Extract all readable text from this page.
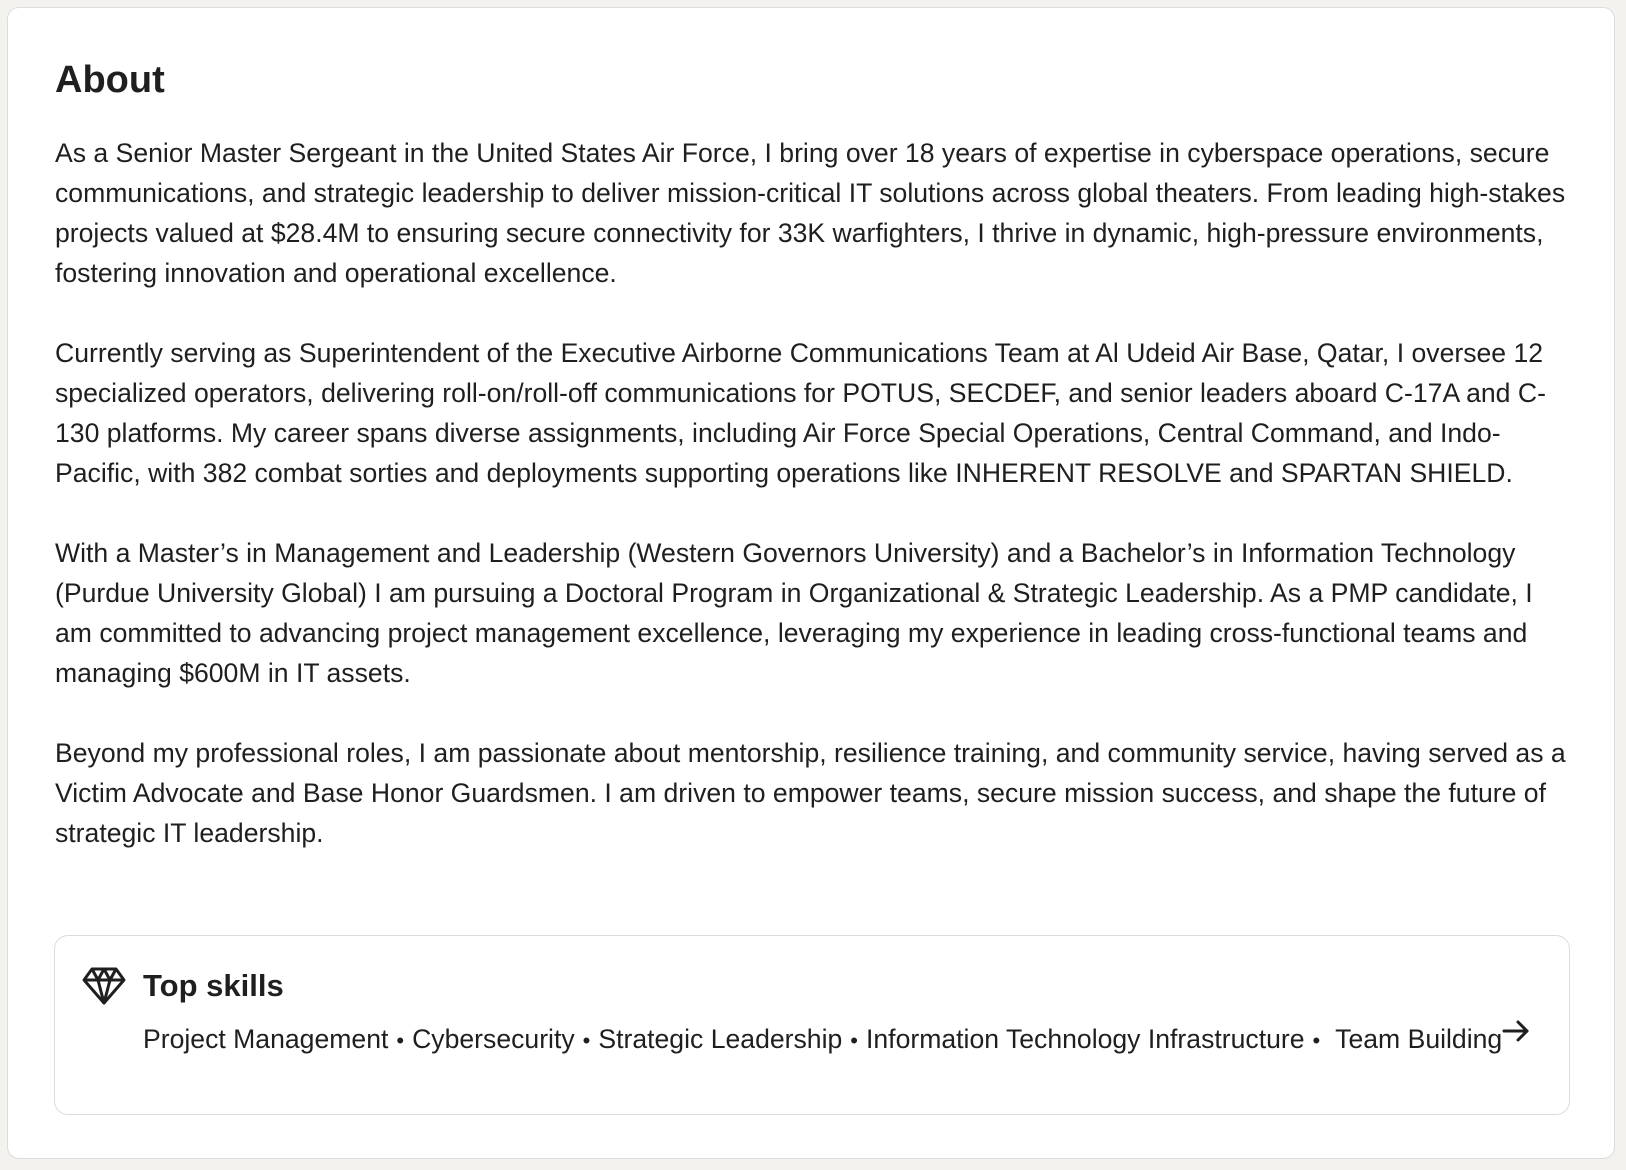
About

As a Senior Master Sergeant in the United States Air Force, I bring over 18 years of expertise in cyberspace operations, secure communications, and strategic leadership to deliver mission-critical IT solutions across global theaters. From leading high-stakes projects valued at $28.4M to ensuring secure connectivity for 33K warfighters, I thrive in dynamic, high-pressure environments, fostering innovation and operational excellence.

Currently serving as Superintendent of the Executive Airborne Communications Team at Al Udeid Air Base, Qatar, I oversee 12 specialized operators, delivering roll-on/roll-off communications for POTUS, SECDEF, and senior leaders aboard C-17A and C-130 platforms. My career spans diverse assignments, including Air Force Special Operations, Central Command, and Indo-Pacific, with 382 combat sorties and deployments supporting operations like INHERENT RESOLVE and SPARTAN SHIELD.

With a Master’s in Management and Leadership (Western Governors University) and a Bachelor’s in Information Technology (Purdue University Global) I am pursuing a Doctoral Program in Organizational & Strategic Leadership. As a PMP candidate, I am committed to advancing project management excellence, leveraging my experience in leading cross-functional teams and managing $600M in IT assets.

Beyond my professional roles, I am passionate about mentorship, resilience training, and community service, having served as a Victim Advocate and Base Honor Guardsmen. I am driven to empower teams, secure mission success, and shape the future of strategic IT leadership.

Top skills
Project Management • Cybersecurity • Strategic Leadership • Information Technology Infrastructure • Team Building
